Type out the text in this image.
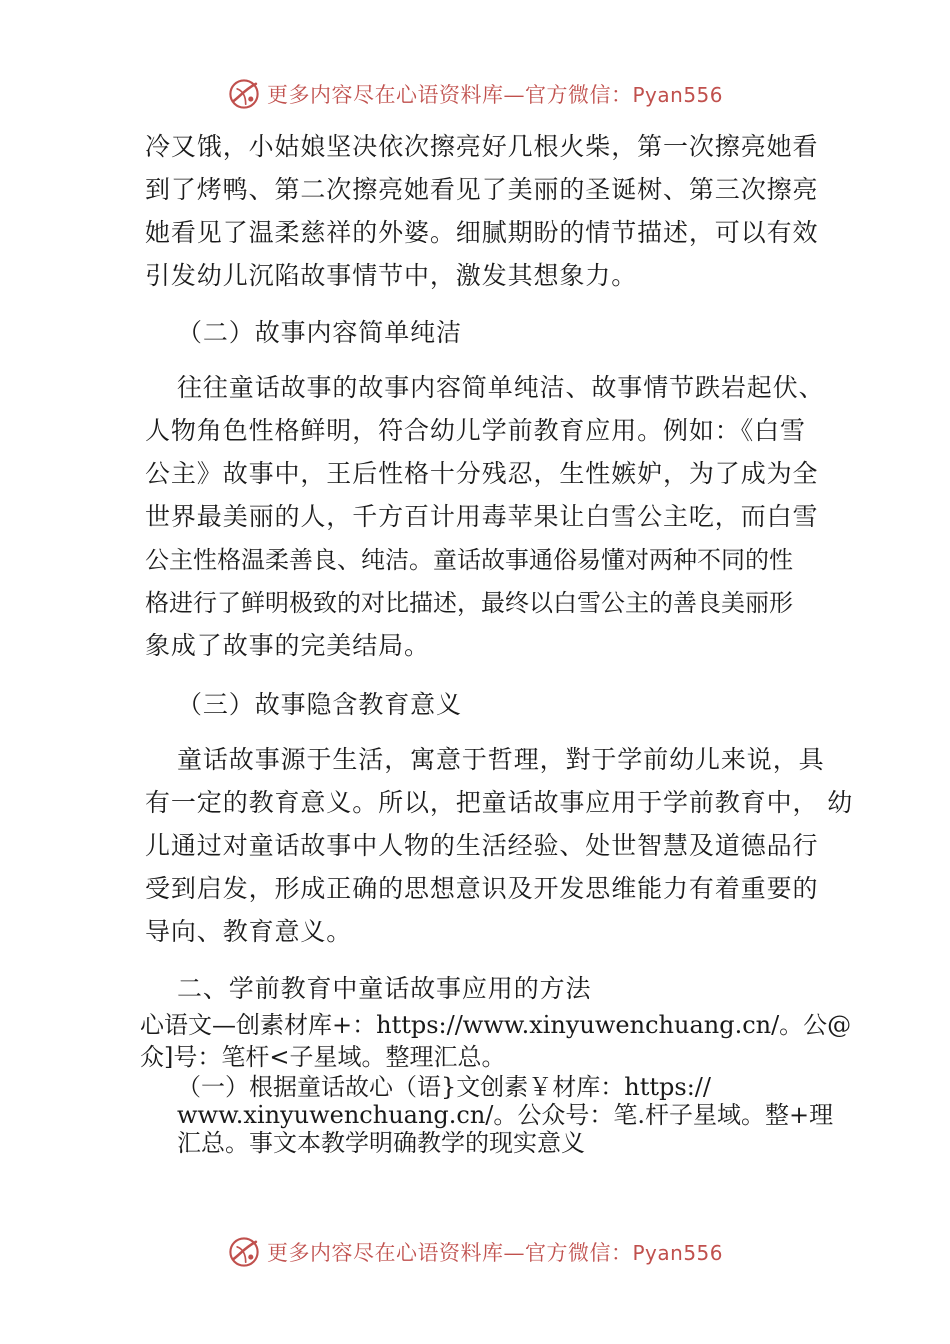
更多内容尽在心语资料库—官方微信：Pyan556
冷又饿，小姑娘坚决依次擦亮好几根火柴，第一次擦亮她看
到了烤鸭、第二次擦亮她看见了美丽的圣诞树、第三次擦亮
她看见了温柔慈祥的外婆。细腻期盼的情节描述，可以有效
引发幼儿沉陷故事情节中，激发其想象力。
（二）故事内容简单纯洁
往往童话故事的故事内容简单纯洁、故事情节跌岩起伏、
人物角色性格鲜明，符合幼儿学前教育应用。例如：《白雪
公主》故事中，王后性格十分残忍，生性嫉妒，为了成为全
世界最美丽的人，千方百计用毒苹果让白雪公主吃，而白雪
公主性格温柔善良、纯洁。童话故事通俗易懂对两种不同的性
格进行了鲜明极致的对比描述，最终以白雪公主的善良美丽形
象成了故事的完美结局。
（三）故事隐含教育意义
童话故事源于生活，寓意于哲理，對于学前幼儿来说，具
有一定的教育意义。所以，把童话故事应用于学前教育中， 幼
儿通过对童话故事中人物的生活经验、处世智慧及道德品行
受到启发，形成正确的思想意识及开发思维能力有着重要的
导向、教育意义。
二、学前教育中童话故事应用的方法
心语文—创素材库+：https://www.xinyuwenchuang.cn/。公@
众]号：笔杆<子星域。整理汇总。
（一）根据童话故心（语}文创素￥材库：https://
www.xinyuwenchuang.cn/。公众号：笔.杆子星域。整+理
汇总。事文本教学明确教学的现实意义
更多内容尽在心语资料库—官方微信：Pyan556
